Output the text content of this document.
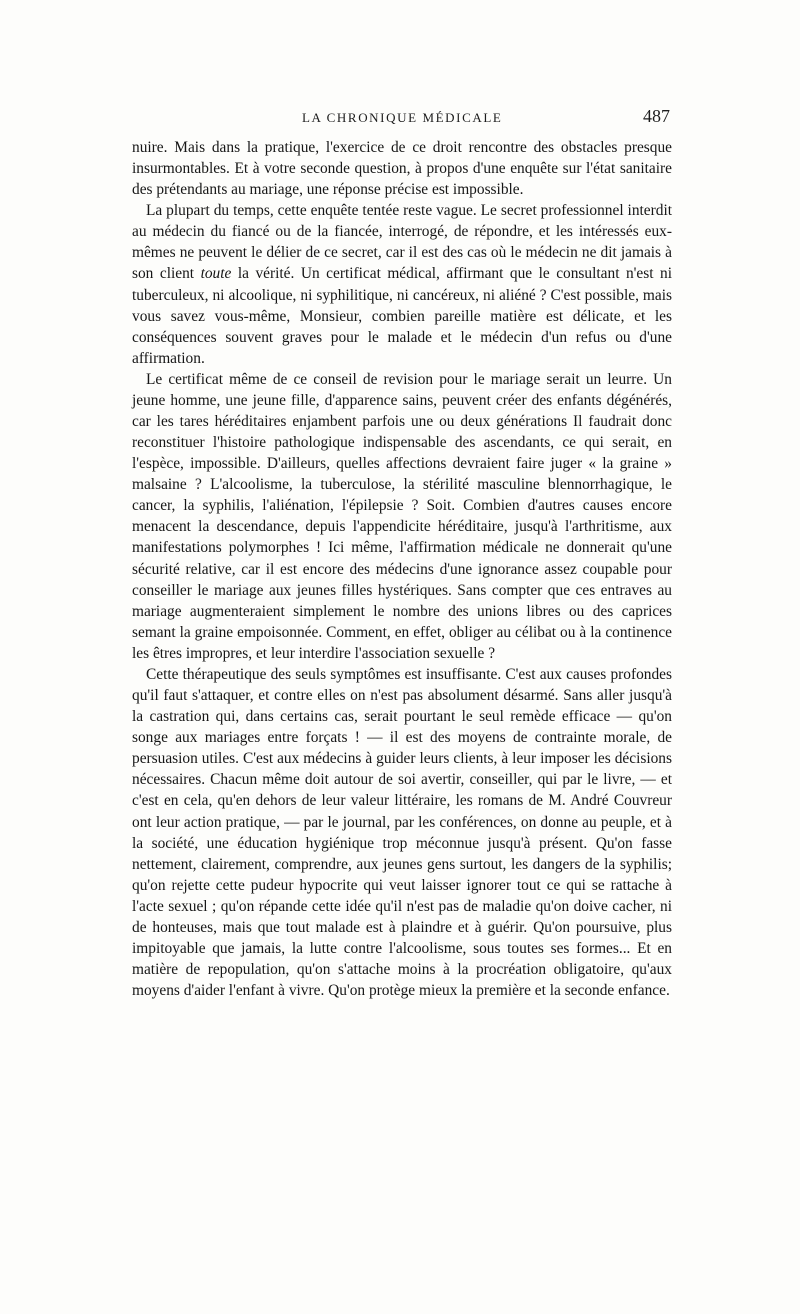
LA CHRONIQUE MÉDICALE	487

nuire. Mais dans la pratique, l'exercice de ce droit rencontre des obstacles presque insurmontables. Et à votre seconde question, à propos d'une enquête sur l'état sanitaire des prétendants au mariage, une réponse précise est impossible.

La plupart du temps, cette enquête tentée reste vague. Le secret professionnel interdit au médecin du fiancé ou de la fiancée, interrogé, de répondre, et les intéressés eux-mêmes ne peuvent le délier de ce secret, car il est des cas où le médecin ne dit jamais à son client toute la vérité. Un certificat médical, affirmant que le consultant n'est ni tuberculeux, ni alcoolique, ni syphilitique, ni cancéreux, ni aliéné ? C'est possible, mais vous savez vous-même, Monsieur, combien pareille matière est délicate, et les conséquences souvent graves pour le malade et le médecin d'un refus ou d'une affirmation.

Le certificat même de ce conseil de revision pour le mariage serait un leurre. Un jeune homme, une jeune fille, d'apparence sains, peuvent créer des enfants dégénérés, car les tares héréditaires enjambent parfois une ou deux générations Il faudrait donc reconstituer l'histoire pathologique indispensable des ascendants, ce qui serait, en l'espèce, impossible. D'ailleurs, quelles affections devraient faire juger « la graine » malsaine ? L'alcoolisme, la tuberculose, la stérilité masculine blennorrhagique, le cancer, la syphilis, l'aliénation, l'épilepsie ? Soit. Combien d'autres causes encore menacent la descendance, depuis l'appendicite héréditaire, jusqu'à l'arthritisme, aux manifestations polymorphes ! Ici même, l'affirmation médicale ne donnerait qu'une sécurité relative, car il est encore des médecins d'une ignorance assez coupable pour conseiller le mariage aux jeunes filles hystériques. Sans compter que ces entraves au mariage augmenteraient simplement le nombre des unions libres ou des caprices semant la graine empoisonnée. Comment, en effet, obliger au célibat ou à la continence les êtres impropres, et leur interdire l'association sexuelle ?

Cette thérapeutique des seuls symptômes est insuffisante. C'est aux causes profondes qu'il faut s'attaquer, et contre elles on n'est pas absolument désarmé. Sans aller jusqu'à la castration qui, dans certains cas, serait pourtant le seul remède efficace — qu'on songe aux mariages entre forçats ! — il est des moyens de contrainte morale, de persuasion utiles. C'est aux médecins à guider leurs clients, à leur imposer les décisions nécessaires. Chacun même doit autour de soi avertir, conseiller, qui par le livre, — et c'est en cela, qu'en dehors de leur valeur littéraire, les romans de M. André Couvreur ont leur action pratique, — par le journal, par les conférences, on donne au peuple, et à la société, une éducation hygiénique trop méconnue jusqu'à présent. Qu'on fasse nettement, clairement, comprendre, aux jeunes gens surtout, les dangers de la syphilis; qu'on rejette cette pudeur hypocrite qui veut laisser ignorer tout ce qui se rattache à l'acte sexuel ; qu'on répande cette idée qu'il n'est pas de maladie qu'on doive cacher, ni de honteuses, mais que tout malade est à plaindre et à guérir. Qu'on poursuive, plus impitoyable que jamais, la lutte contre l'alcoolisme, sous toutes ses formes... Et en matière de repopulation, qu'on s'attache moins à la procréation obligatoire, qu'aux moyens d'aider l'enfant à vivre. Qu'on protège mieux la première et la seconde enfance.
